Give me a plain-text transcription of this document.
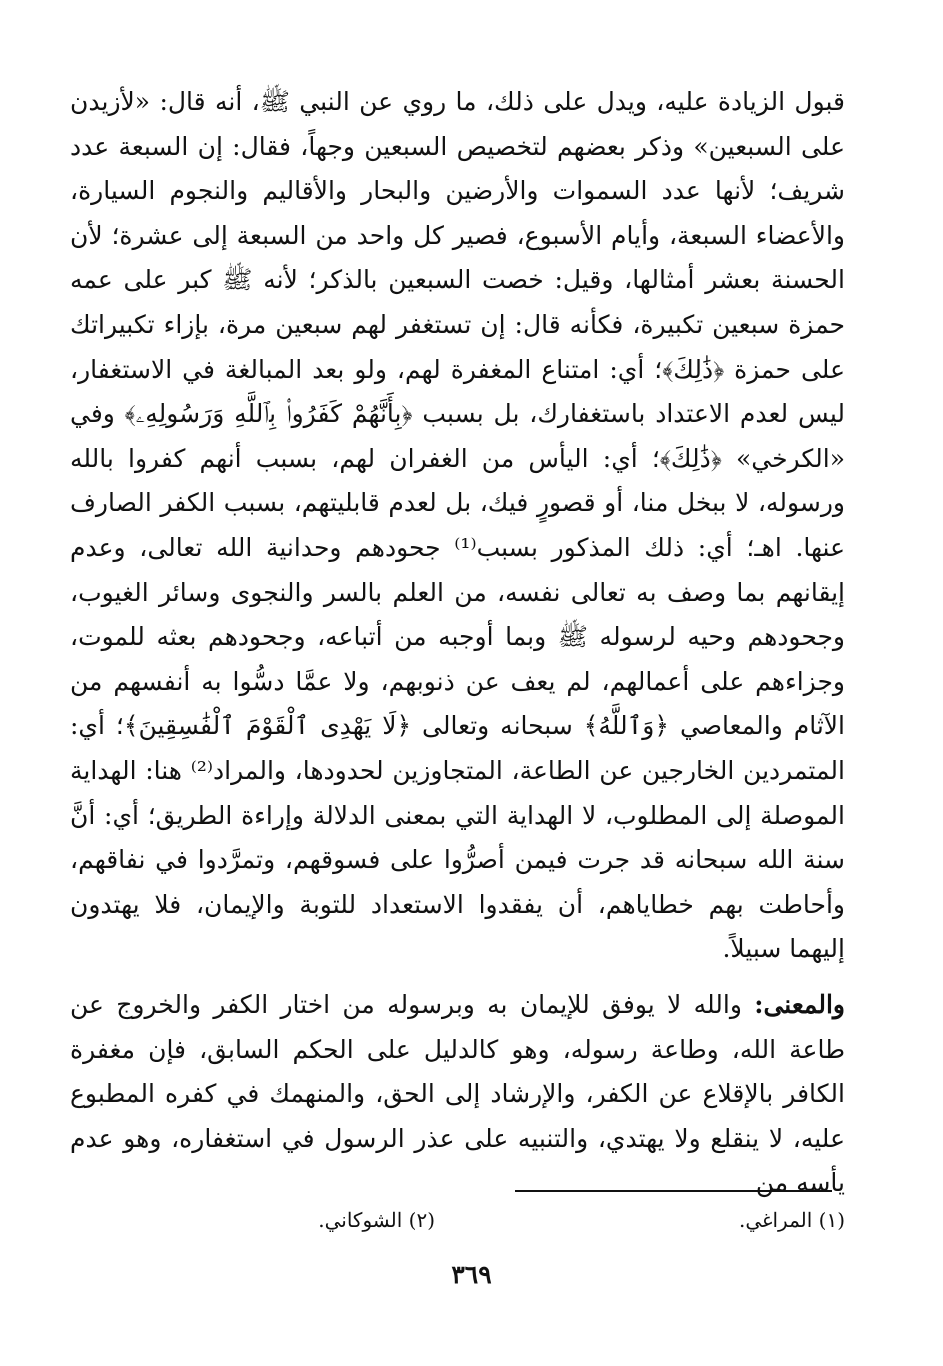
قبول الزيادة عليه، ويدل على ذلك، ما روي عن النبي ﷺ، أنه قال: «لأزيدن على السبعين» وذكر بعضهم لتخصيص السبعين وجهاً، فقال: إن السبعة عدد شريف؛ لأنها عدد السموات والأرضين والبحار والأقاليم والنجوم السيارة، والأعضاء السبعة، وأيام الأسبوع، فصير كل واحد من السبعة إلى عشرة؛ لأن الحسنة بعشر أمثالها، وقيل: خصت السبعين بالذكر؛ لأنه ﷺ كبر على عمه حمزة سبعين تكبيرة، فكأنه قال: إن تستغفر لهم سبعين مرة، بإزاء تكبيراتك على حمزة ﴿ذَٰلِكَ﴾؛ أي: امتناع المغفرة لهم، ولو بعد المبالغة في الاستغفار، ليس لعدم الاعتداد باستغفارك، بل بسبب ﴿بِأَنَّهُمْ كَفَرُوا۟ بِٱللَّهِ وَرَسُولِهِۦ﴾ وفي «الكرخي» ﴿ذَٰلِكَ﴾؛ أي: اليأس من الغفران لهم، بسبب أنهم كفروا بالله ورسوله، لا ببخل منا، أو قصورٍ فيك، بل لعدم قابليتهم، بسبب الكفر الصارف عنها. اهـ؛ أي: ذلك المذكور بسبب⁽¹⁾ جحودهم وحدانية الله تعالى، وعدم إيقانهم بما وصف به تعالى نفسه، من العلم بالسر والنجوى وسائر الغيوب، وجحودهم وحيه لرسوله ﷺ وبما أوجبه من أتباعه، وجحودهم بعثه للموت، وجزاءهم على أعمالهم، لم يعف عن ذنوبهم، ولا عمَّا دسُّوا به أنفسهم من الآثام والمعاصي ﴿وَٱللَّهُ﴾ سبحانه وتعالى ﴿لَا يَهْدِى ٱلْقَوْمَ ٱلْفَٰسِقِينَ﴾؛ أي: المتمردين الخارجين عن الطاعة، المتجاوزين لحدودها، والمراد⁽²⁾ هنا: الهداية الموصلة إلى المطلوب، لا الهداية التي بمعنى الدلالة وإراءة الطريق؛ أي: أنَّ سنة الله سبحانه قد جرت فيمن أصرُّوا على فسوقهم، وتمرَّدوا في نفاقهم، وأحاطت بهم خطاياهم، أن يفقدوا الاستعداد للتوبة والإيمان، فلا يهتدون إليهما سبيلاً.

والمعنى: والله لا يوفق للإيمان به وبرسوله من اختار الكفر والخروج عن طاعة الله، وطاعة رسوله، وهو كالدليل على الحكم السابق، فإن مغفرة الكافر بالإقلاع عن الكفر، والإرشاد إلى الحق، والمنهمك في كفره المطبوع عليه، لا ينقلع ولا يهتدي، والتنبيه على عذر الرسول في استغفاره، وهو عدم يأسه من

(١) المراغي.
(٢) الشوكاني.
٣٦٩
